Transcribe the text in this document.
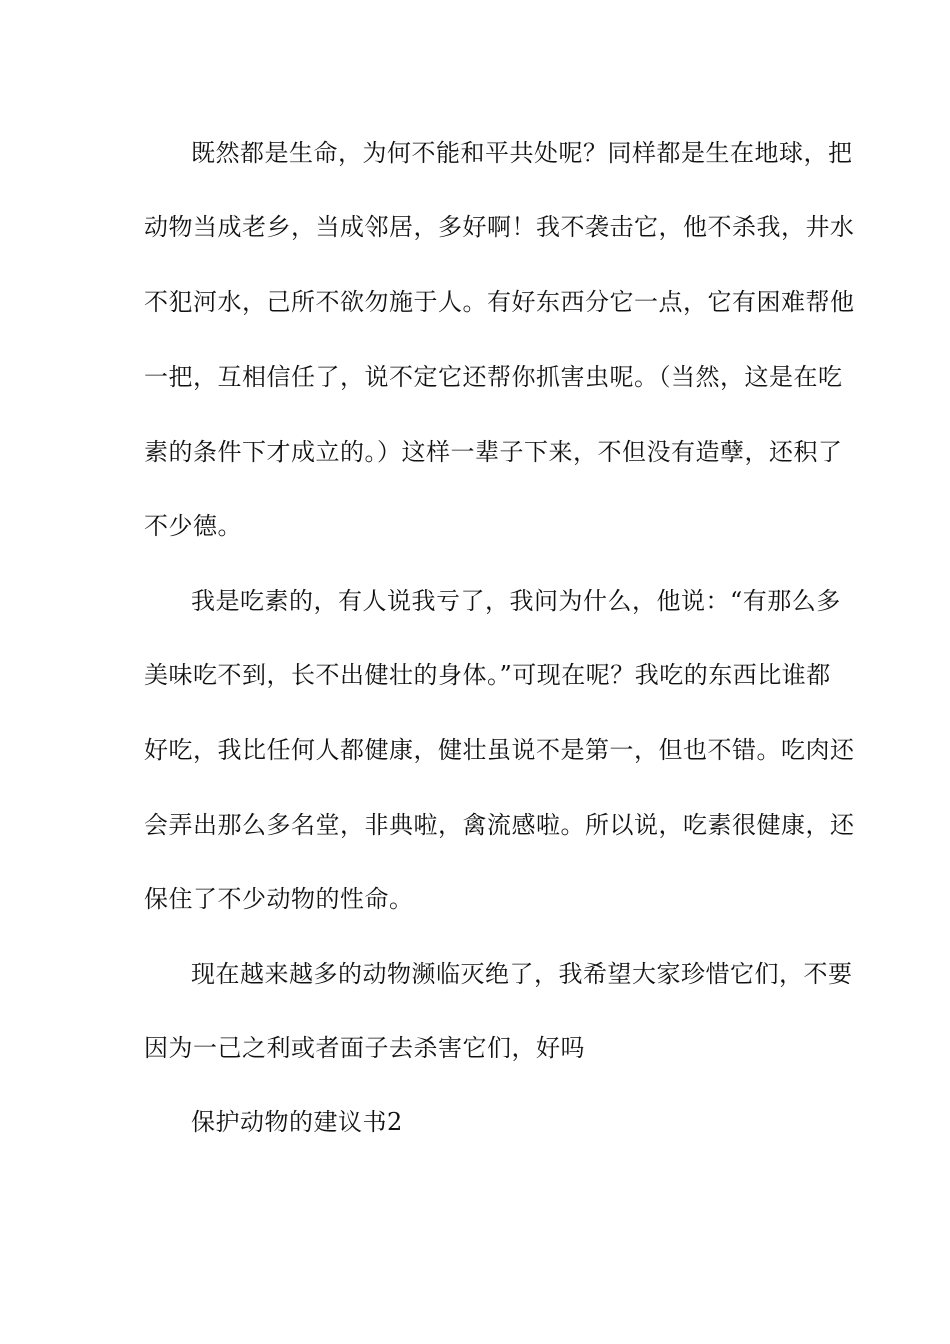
既然都是生命，为何不能和平共处呢？同样都是生在地球，把
动物当成老乡，当成邻居，多好啊！我不袭击它，他不杀我，井水
不犯河水，己所不欲勿施于人。有好东西分它一点，它有困难帮他
一把，互相信任了，说不定它还帮你抓害虫呢。（当然，这是在吃
素的条件下才成立的。）这样一辈子下来，不但没有造孽，还积了
不少德。
我是吃素的，有人说我亏了，我问为什么，他说：“有那么多
美味吃不到，长不出健壮的身体。”可现在呢？我吃的东西比谁都
好吃，我比任何人都健康，健壮虽说不是第一，但也不错。吃肉还
会弄出那么多名堂，非典啦，禽流感啦。所以说，吃素很健康，还
保住了不少动物的性命。
现在越来越多的动物濒临灭绝了，我希望大家珍惜它们，不要
因为一己之利或者面子去杀害它们，好吗
保护动物的建议书2
